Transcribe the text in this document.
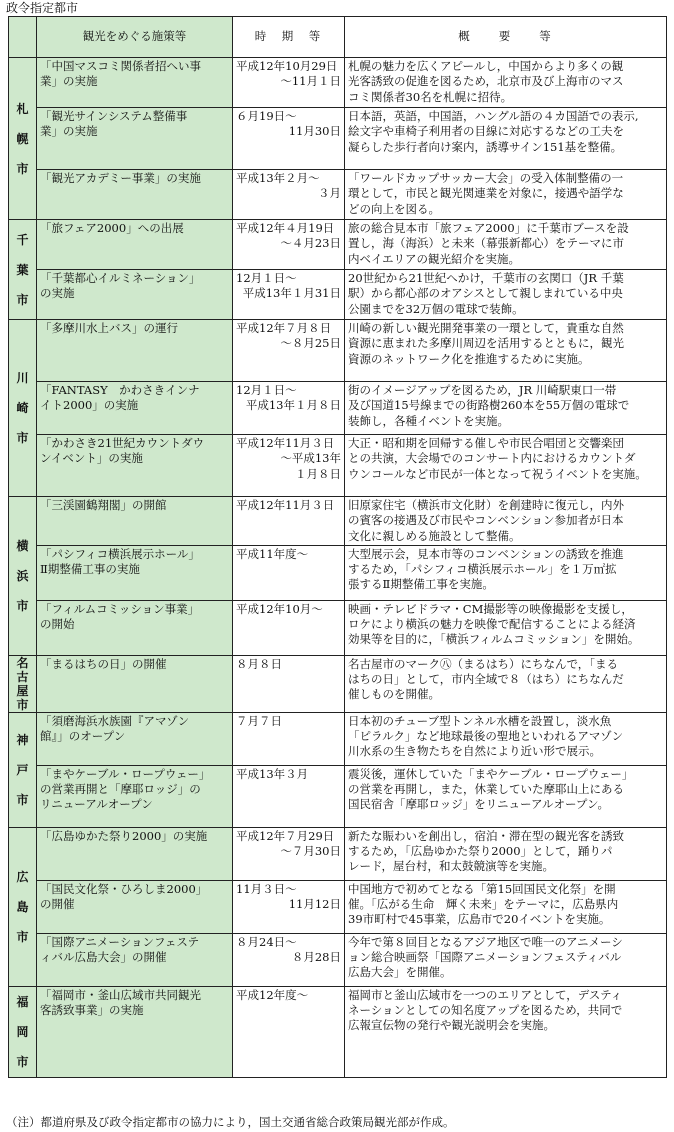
政令指定都市
	観光をめぐる施策等	時　期　等	概　　要　　等

札幌市	「中国マスコミ関係者招へい事
業」の実施	平成12年10月29日
～11月１日	札幌の魅力を広くアピールし，中国からより多くの観
光客誘致の促進を図るため，北京市及び上海市のマス
コミ関係者30名を札幌に招待。

	「観光サインシステム整備事
業」の実施	６月19日～
11月30日	日本語，英語，中国語，ハングル語の４カ国語での表示,
絵文字や車椅子利用者の目線に対応するなどの工夫を
凝らした歩行者向け案内，誘導サイン151基を整備。

	「観光アカデミー事業」の実施	平成13年２月～
３月	「ワールドカップサッカー大会」の受入体制整備の一
環として，市民と観光関連業を対象に，接遇や語学な
どの向上を図る。

千葉市	「旅フェア2000」への出展	平成12年４月19日
～４月23日	旅の総合見本市「旅フェア2000」に千葉市ブースを設
置し，海（海浜）と未来（幕張新都心）をテーマに市
内ベイエリアの観光紹介を実施。

	「千葉都心イルミネーション」
の実施	12月１日～
平成13年１月31日	20世紀から21世紀へかけ，千葉市の玄関口（JR 千葉
駅）から都心部のオアシスとして親しまれている中央
公園までを32万個の電球で装飾。

川崎市	「多摩川水上バス」の運行	平成12年７月８日
～８月25日	川崎の新しい観光開発事業の一環として，貴重な自然
資源に恵まれた多摩川周辺を活用するとともに，観光
資源のネットワーク化を推進するために実施。

	「FANTASY　かわさきインナ
イト2000」の実施	12月１日～
平成13年１月８日	街のイメージアップを図るため，JR 川崎駅東口一帯
及び国道15号線までの街路樹260本を55万個の電球で
装飾し，各種イベントを実施。

	「かわさき21世紀カウントダウ
ンイベント」の実施	平成12年11月３日
～平成13年
１月８日	大正・昭和期を回帰する催しや市民合唱団と交響楽団
との共演，大会場でのコンサート内におけるカウントダ
ウンコールなど市民が一体となって祝うイベントを実施。

横浜市	「三渓園鶴翔閣」の開館	平成12年11月３日	旧原家住宅（横浜市文化財）を創建時に復元し，内外
の賓客の接遇及び市民やコンベンション参加者が日本
文化に親しめる施設として整備。

	「パシフィコ横浜展示ホール」
Ⅱ期整備工事の実施	平成11年度～	大型展示会，見本市等のコンベンションの誘致を推進
するため，「パシフィコ横浜展示ホール」を１万㎡拡
張するⅡ期整備工事を実施。

	「フィルムコミッション事業」
の開始	平成12年10月～	映画・テレビドラマ・CM撮影等の映像撮影を支援し，
ロケにより横浜の魅力を映像で配信することによる経済
効果等を目的に，「横浜フィルムコミッション」を開始。

名古屋市	「まるはちの日」の開催	８月８日	名古屋市のマーク㊇（まるはち）にちなんで，「まる
はちの日」として，市内全域で８（はち）にちなんだ
催しものを開催。

神戸市	「須磨海浜水族園『アマゾン
館』」のオープン	７月７日	日本初のチューブ型トンネル水槽を設置し，淡水魚
「ピラルク」など地球最後の聖地といわれるアマゾン
川水系の生き物たちを自然により近い形で展示。

	「まやケーブル・ロープウェー」
の営業再開と「摩耶ロッジ」の
リニューアルオープン	平成13年３月	震災後，運休していた「まやケーブル・ロープウェー」
の営業を再開し，また，休業していた摩耶山上にある
国民宿舎「摩耶ロッジ」をリニューアルオープン。

広島市	「広島ゆかた祭り2000」の実施	平成12年７月29日
～７月30日	新たな賑わいを創出し，宿泊・滞在型の観光客を誘致
するため，「広島ゆかた祭り2000」として，踊りパ
レード，屋台村，和太鼓競演等を実施。

	「国民文化祭・ひろしま2000」
の開催	11月３日～
11月12日	中国地方で初めてとなる「第15回国民文化祭」を開
催。「広がる生命　輝く未来」をテーマに，広島県内
39市町村で45事業，広島市で20イベントを実施。

	「国際アニメーションフェステ
ィバル広島大会」の開催	８月24日～
８月28日	今年で第８回目となるアジア地区で唯一のアニメーシ
ョン総合映画祭「国際アニメーションフェスティバル
広島大会」を開催。

福岡市	「福岡市・釜山広域市共同観光
客誘致事業」の実施	平成12年度～	福岡市と釜山広域市を一つのエリアとして，デスティ
ネーションとしての知名度アップを図るため，共同で
広報宣伝物の発行や観光説明会を実施。
（注）都道府県及び政令指定都市の協力により，国土交通省総合政策局観光部が作成。
